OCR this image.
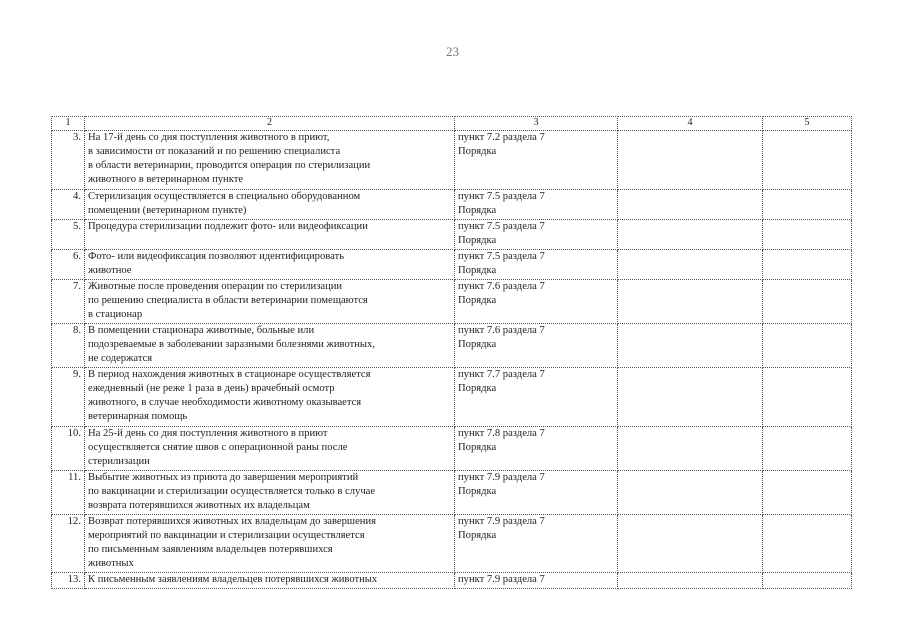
23
1	2	3	4	5
3.	На 17-й день со дня поступления животного в приют,
в зависимости от показаний и по решению специалиста
в области ветеринарии, проводится операция по стерилизации
животного в ветеринарном пункте	пункт 7.2 раздела 7
Порядка		
4.	Стерилизация осуществляется в специально оборудованном
помещении (ветеринарном пункте)	пункт 7.5 раздела 7
Порядка		
5.	Процедура стерилизации подлежит фото- или видеофиксации	пункт 7.5 раздела 7
Порядка		
6.	Фото- или видеофиксация позволяют идентифицировать
животное	пункт 7.5 раздела 7
Порядка		
7.	Животные после проведения операции по стерилизации
по решению специалиста в области ветеринарии помещаются
в стационар	пункт 7.6 раздела 7
Порядка		
8.	В помещении стационара животные, больные или
подозреваемые в заболевании заразными болезнями животных,
не содержатся	пункт 7.6 раздела 7
Порядка		
9.	В период нахождения животных в стационаре осуществляется
ежедневный (не реже 1 раза в день) врачебный осмотр
животного, в случае необходимости животному оказывается
ветеринарная помощь	пункт 7.7 раздела 7
Порядка		
10.	На 25-й день со дня поступления животного в приют
осуществляется снятие швов с операционной раны после
стерилизации	пункт 7.8 раздела 7
Порядка		
11.	Выбытие животных из приюта до завершения мероприятий
по вакцинации и стерилизации осуществляется только в случае
возврата потерявшихся животных их владельцам	пункт 7.9 раздела 7
Порядка		
12.	Возврат потерявшихся животных их владельцам до завершения
мероприятий по вакцинации и стерилизации осуществляется
по письменным заявлениям владельцев потерявшихся
животных	пункт 7.9 раздела 7
Порядка		
13.	К письменным заявлениям владельцев потерявшихся животных	пункт 7.9 раздела 7		
